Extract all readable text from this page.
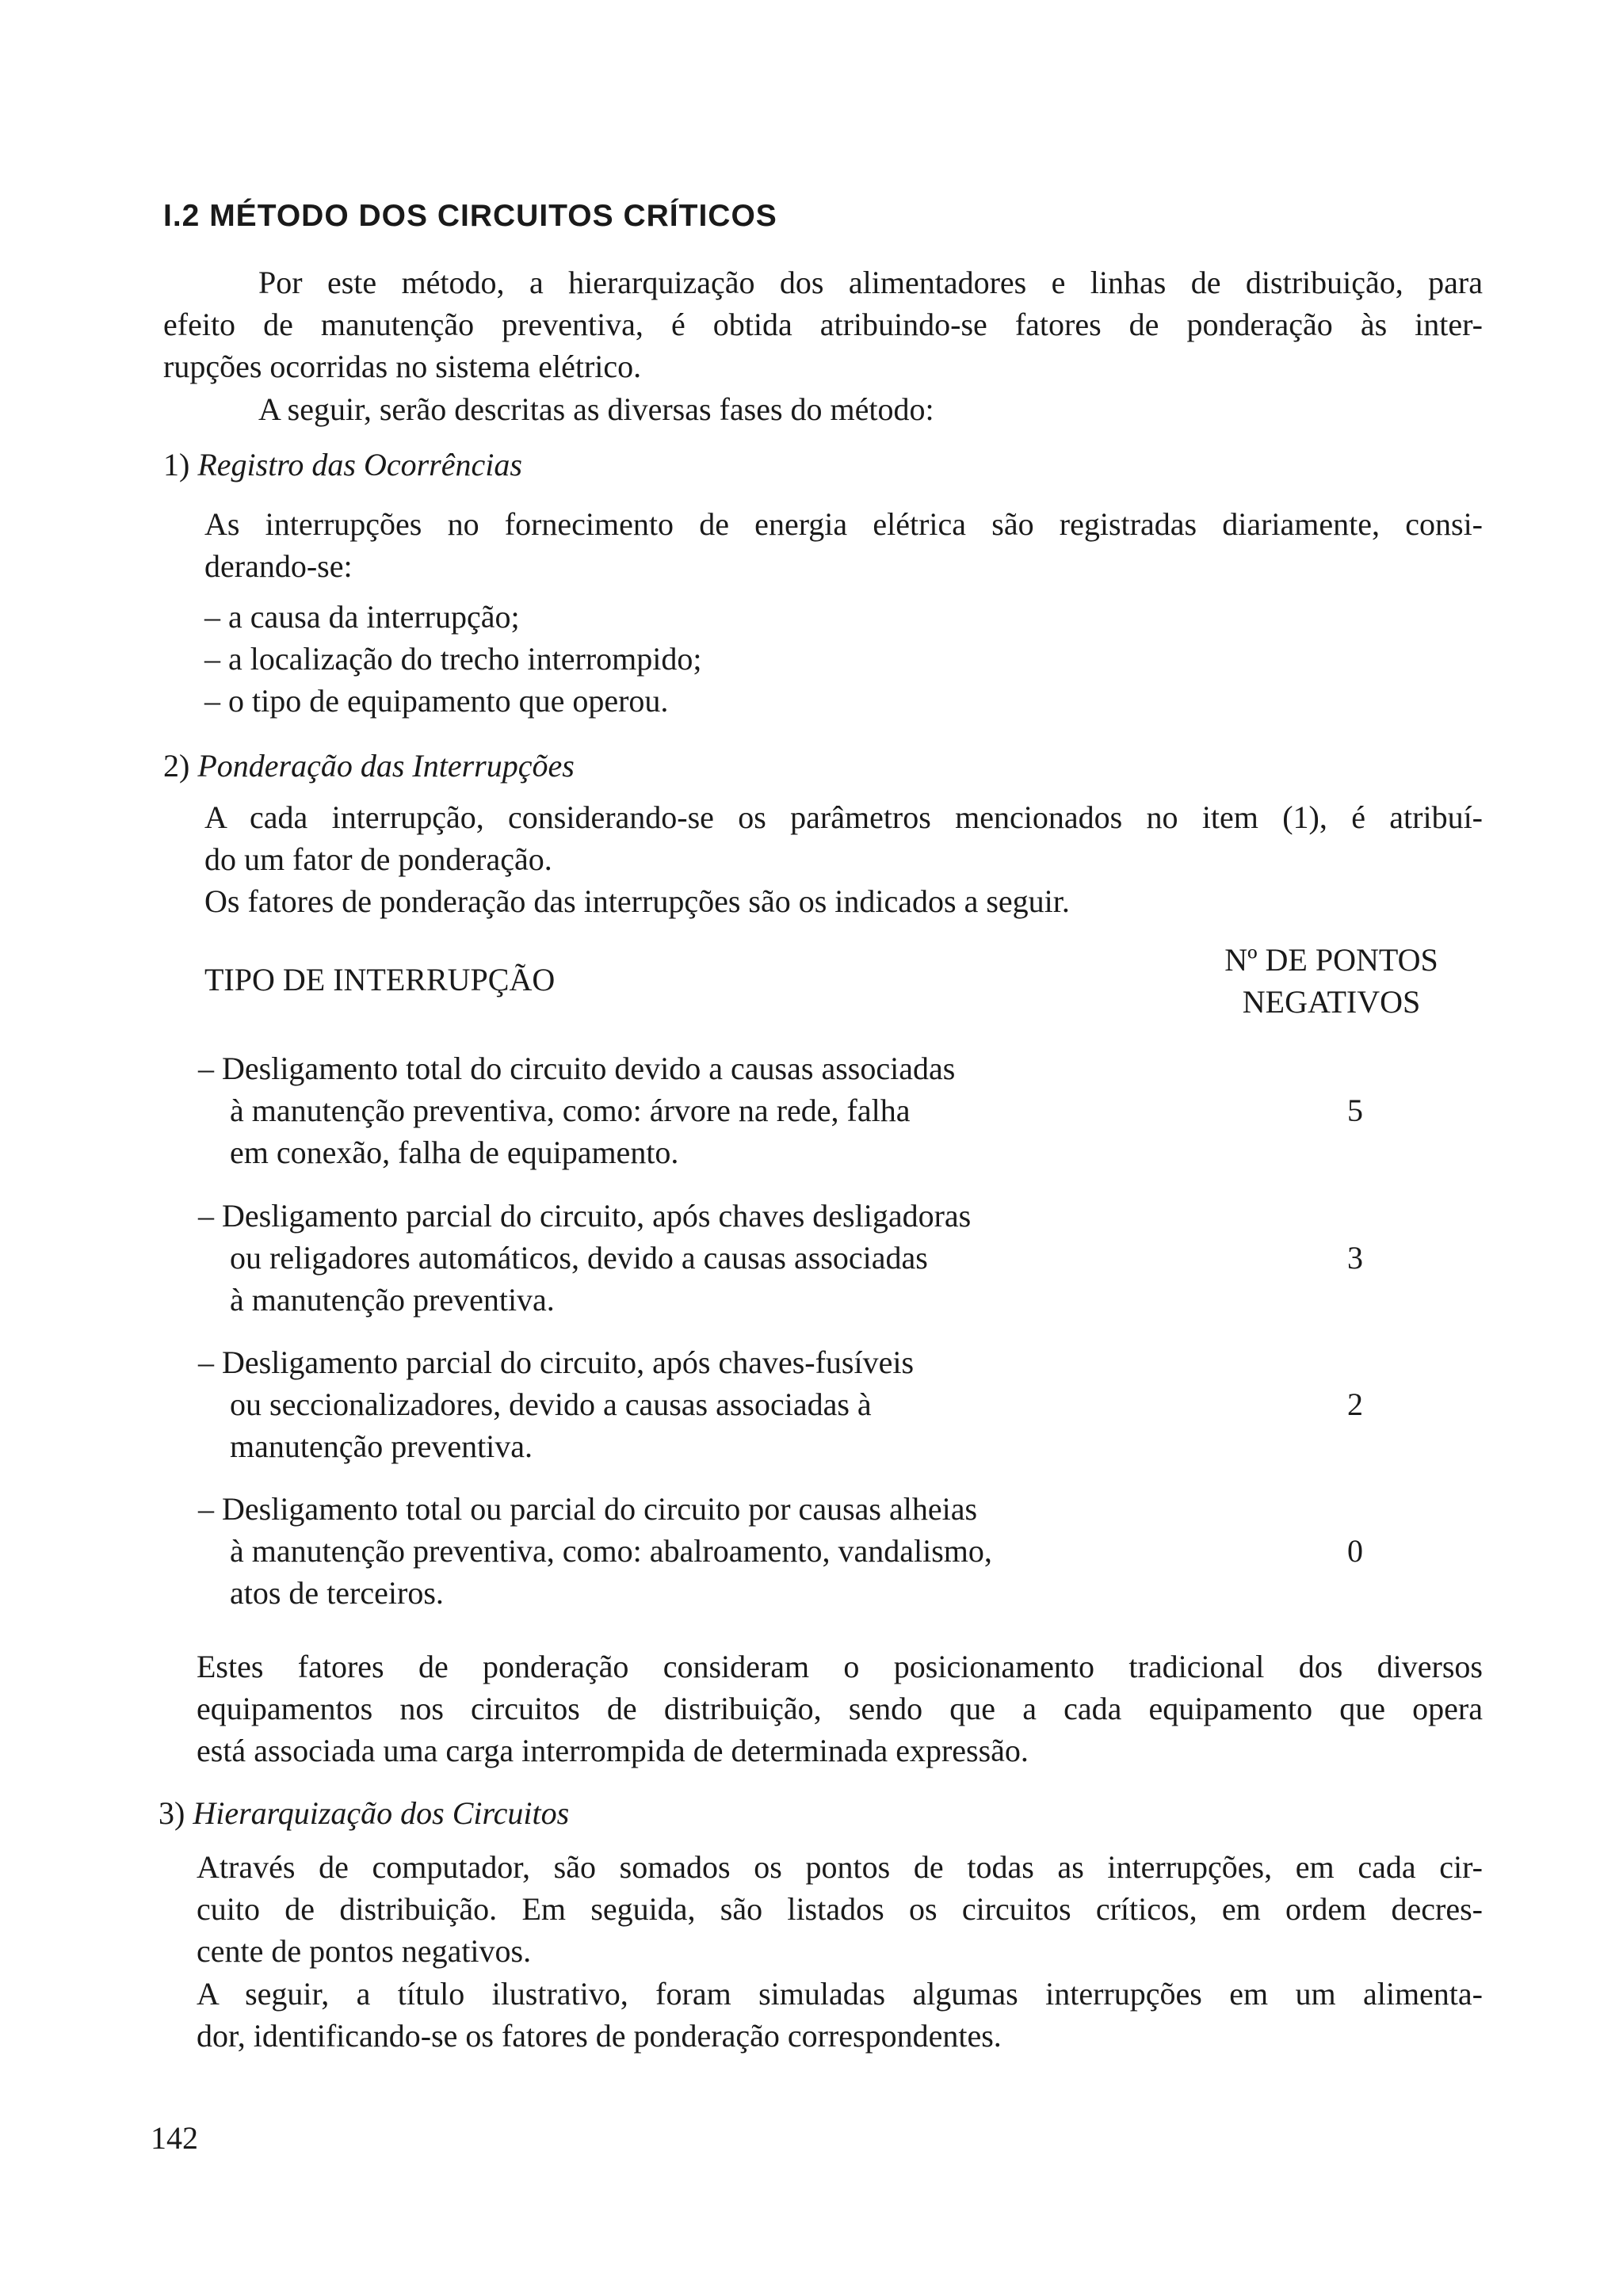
I.2 MÉTODO DOS CIRCUITOS CRÍTICOS
Por este método, a hierarquização dos alimentadores e linhas de distribuição, para
efeito de manutenção preventiva, é obtida atribuindo-se fatores de ponderação às inter-
rupções ocorridas no sistema elétrico.
A seguir, serão descritas as diversas fases do método:
1) Registro das Ocorrências
As interrupções no fornecimento de energia elétrica são registradas diariamente, consi-
derando-se:
– a causa da interrupção;
– a localização do trecho interrompido;
– o tipo de equipamento que operou.
2) Ponderação das Interrupções
A cada interrupção, considerando-se os parâmetros mencionados no item (1), é atribuí-
do um fator de ponderação.
Os fatores de ponderação das interrupções são os indicados a seguir.
TIPO DE INTERRUPÇÃO
Nº DE PONTOS
NEGATIVOS
– Desligamento total do circuito devido a causas associadas
à manutenção preventiva, como: árvore na rede, falha
em conexão, falha de equipamento.
5
– Desligamento parcial do circuito, após chaves desligadoras
ou religadores automáticos, devido a causas associadas
à manutenção preventiva.
3
– Desligamento parcial do circuito, após chaves-fusíveis
ou seccionalizadores, devido a causas associadas à
manutenção preventiva.
2
– Desligamento total ou parcial do circuito por causas alheias
à manutenção preventiva, como: abalroamento, vandalismo,
atos de terceiros.
0
Estes fatores de ponderação consideram o posicionamento tradicional dos diversos
equipamentos nos circuitos de distribuição, sendo que a cada equipamento que opera
está associada uma carga interrompida de determinada expressão.
3) Hierarquização dos Circuitos
Através de computador, são somados os pontos de todas as interrupções, em cada cir-
cuito de distribuição. Em seguida, são listados os circuitos críticos, em ordem decres-
cente de pontos negativos.
A seguir, a título ilustrativo, foram simuladas algumas interrupções em um alimenta-
dor, identificando-se os fatores de ponderação correspondentes.
142
